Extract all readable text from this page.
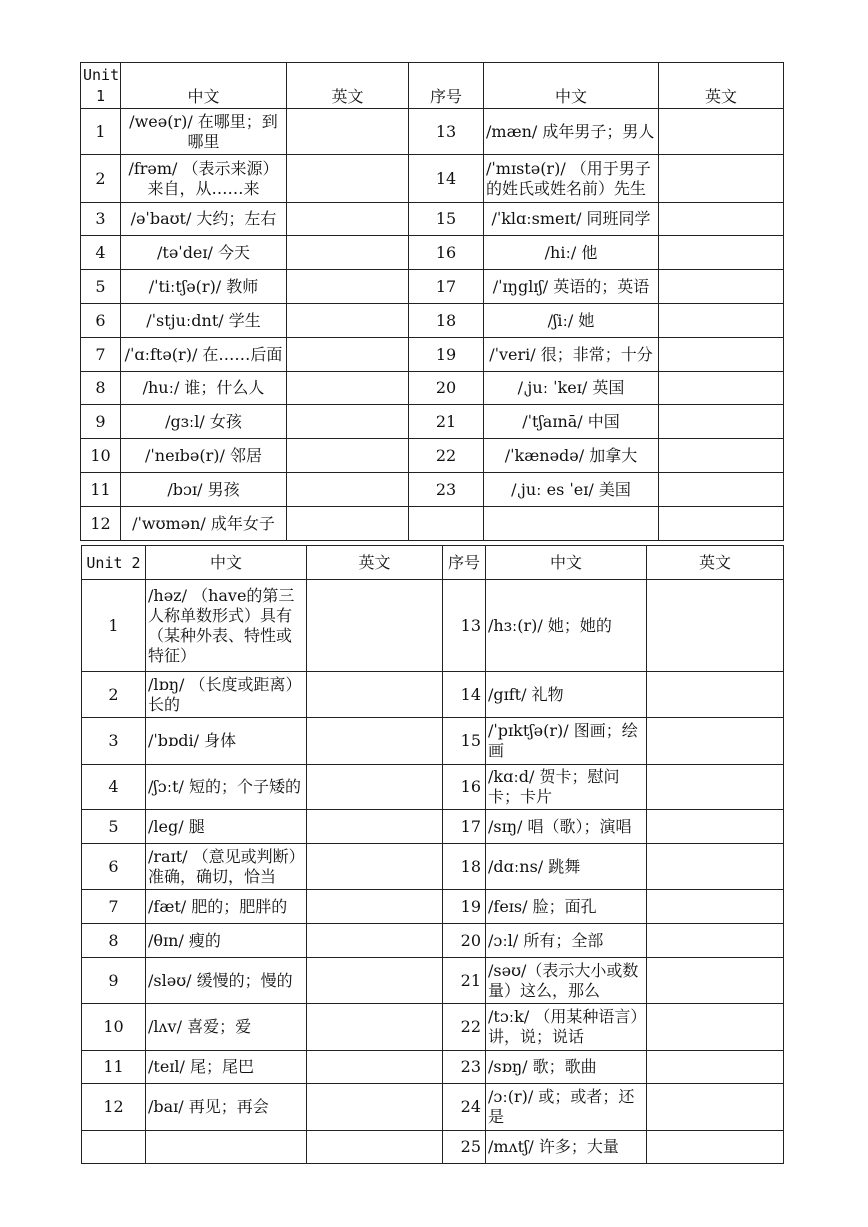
Unit 1	中文	英文	序号	中文	英文
1	/weə(r)/ 在哪里；到哪里		13	/mæn/ 成年男子；男人	
2	/frəm/ （表示来源）来自，从……来		14	/ˈmɪstə(r)/ （用于男子的姓氏或姓名前）先生	
3	/əˈbaʊt/ 大约；左右		15	/ˈklɑːsmeɪt/ 同班同学	
4	/təˈdeɪ/ 今天		16	/hiː/ 他	
5	/ˈtiːtʃə(r)/ 教师		17	/ˈɪŋglɪʃ/ 英语的；英语	
6	/ˈstjuːdnt/ 学生		18	/ʃiː/ 她	
7	/ˈɑːftə(r)/ 在……后面		19	/ˈveri/ 很；非常；十分	
8	/huː/ 谁；什么人		20	/ˌjuː ˈkeɪ/ 英国	
9	/gɜːl/ 女孩		21	/ˈtʃaɪnā/ 中国	
10	/ˈneɪbə(r)/ 邻居		22	/ˈkænədə/ 加拿大	
11	/bɔɪ/ 男孩		23	/ˌjuː es ˈeɪ/ 美国	
12	/ˈwʊmən/ 成年女子				
Unit 2	中文	英文	序号	中文	英文
1	/həz/ （have的第三人称单数形式）具有（某种外表、特性或特征）		13	/hɜː(r)/ 她；她的	
2	/lɒŋ/ （长度或距离）长的		14	/gɪft/ 礼物	
3	/ˈbɒdi/ 身体		15	/ˈpɪktʃə(r)/ 图画；绘画	
4	/ʃɔːt/ 短的；个子矮的		16	/kɑːd/ 贺卡；慰问卡；卡片	
5	/leg/ 腿		17	/sɪŋ/ 唱（歌）；演唱	
6	/raɪt/ （意见或判断）准确，确切，恰当		18	/dɑːns/ 跳舞	
7	/fæt/ 肥的；肥胖的		19	/feɪs/ 脸；面孔	
8	/θɪn/ 瘦的		20	/ɔːl/ 所有；全部	
9	/sləʊ/ 缓慢的；慢的		21	/səʊ/（表示大小或数量）这么，那么	
10	/lʌv/ 喜爱；爱		22	/tɔːk/ （用某种语言）讲，说；说话	
11	/teɪl/ 尾；尾巴		23	/sɒŋ/ 歌；歌曲	
12	/baɪ/ 再见；再会		24	/ɔː(r)/ 或；或者；还是	
			25	/mʌtʃ/ 许多；大量	
